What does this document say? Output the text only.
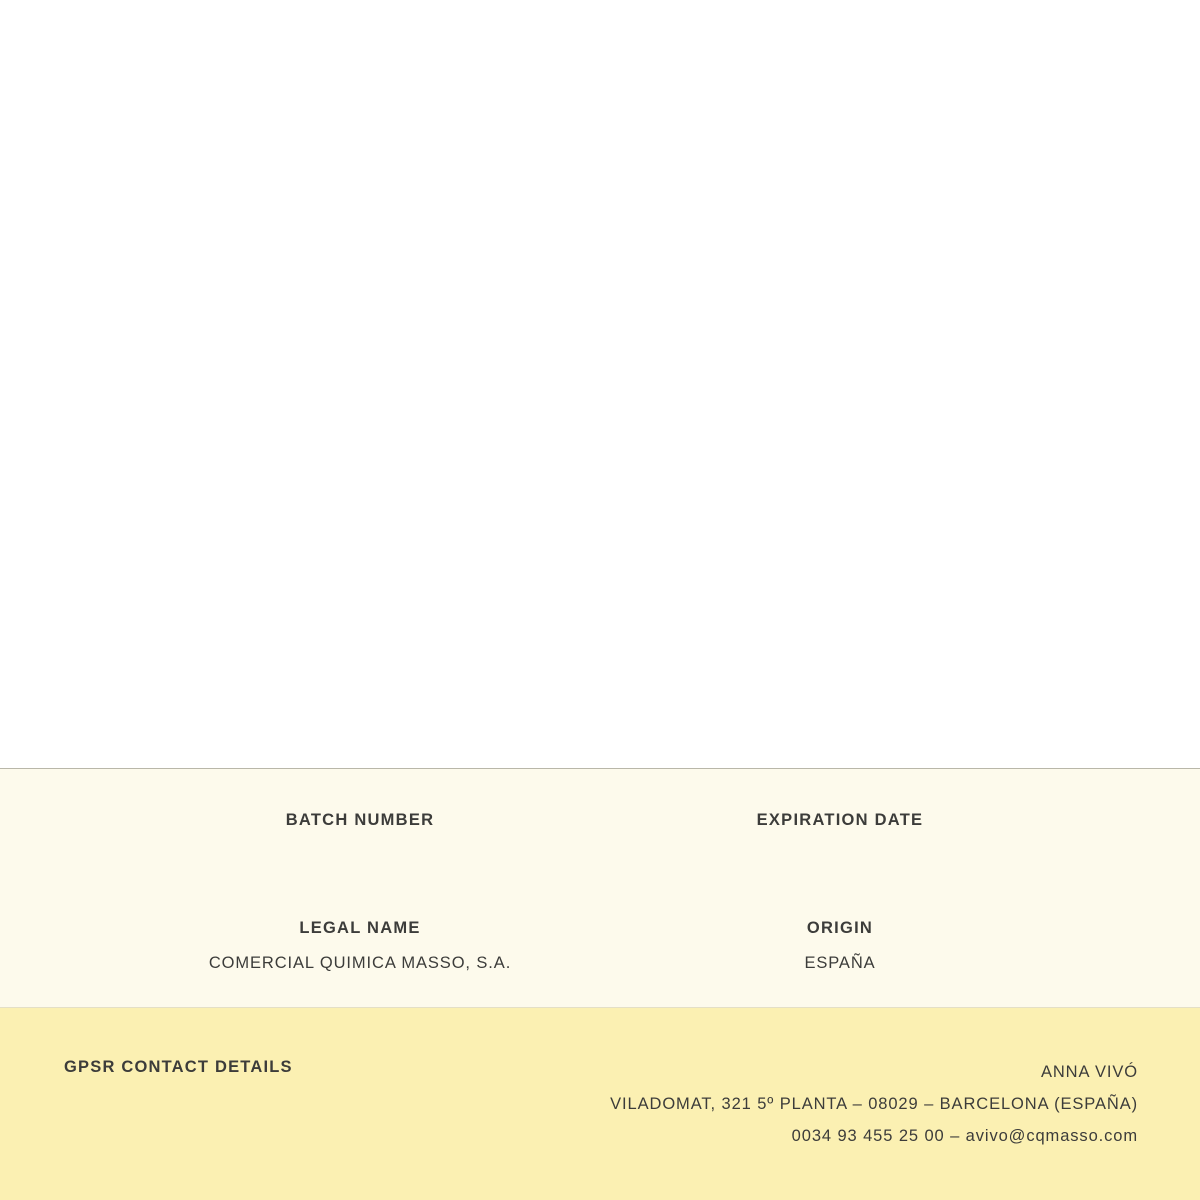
BATCH NUMBER	EXPIRATION DATE
LEGAL NAME
COMERCIAL QUIMICA MASSO, S.A.
ORIGIN
ESPAÑA
GPSR CONTACT DETAILS	ANNA VIVÓ
VILADOMAT, 321 5º PLANTA – 08029 – BARCELONA (ESPAÑA)
0034 93 455 25 00 – avivo@cqmasso.com
